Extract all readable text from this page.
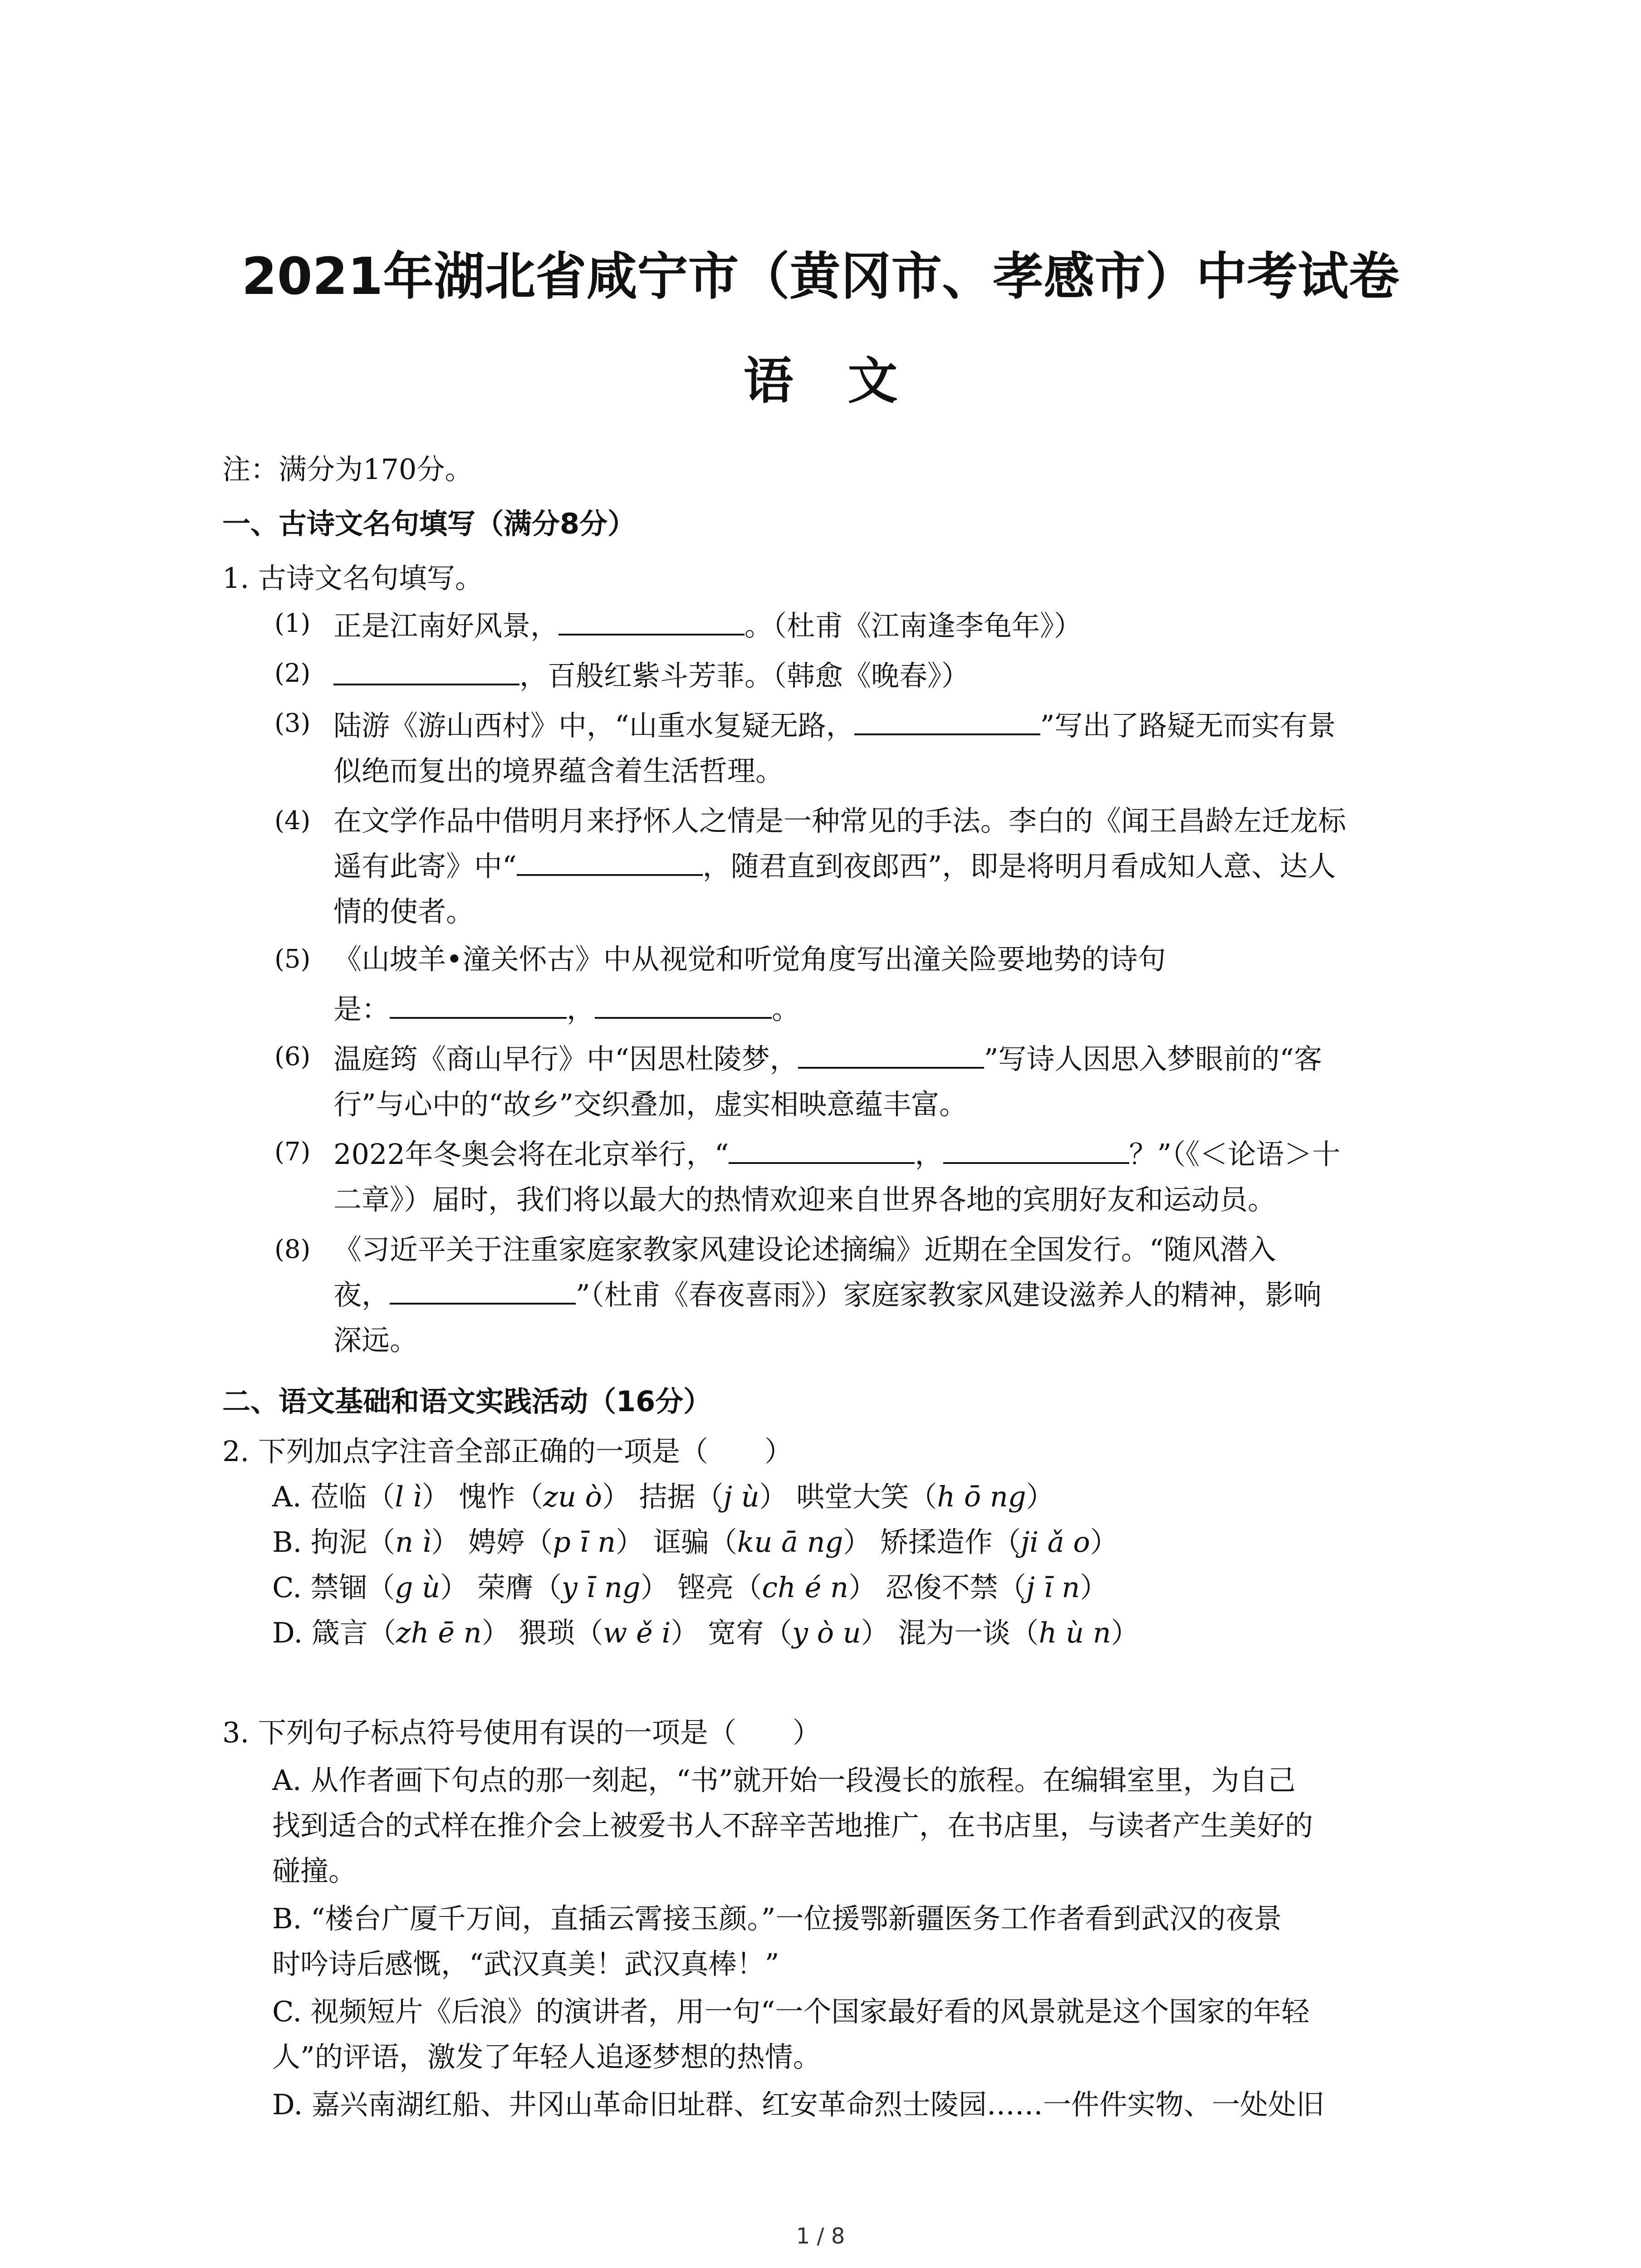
2021年湖北省咸宁市（黄冈市、孝感市）中考试卷
语文
注：满分为170分。
一、古诗文名句填写（满分8分）
1. 古诗文名句填写。
(1) 正是江南好风景，	。（杜甫《江南逢李龟年》）
(2)	，百般红紫斗芳菲。（韩愈《晚春》）
(3) 陆游《游山西村》中，“山重水复疑无路，	”写出了路疑无而实有景
似绝而复出的境界蕴含着生活哲理。
(4) 在文学作品中借明月来抒怀人之情是一种常见的手法。李白的《闻王昌龄左迁龙标
遥有此寄》中“	，随君直到夜郎西”，即是将明月看成知人意、达人
情的使者。
(5) 《山坡羊•潼关怀古》中从视觉和听觉角度写出潼关险要地势的诗句
是：	，	。
(6) 温庭筠《商山早行》中“因思杜陵梦，	”写诗人因思入梦眼前的“客
行”与心中的“故乡”交织叠加，虚实相映意蕴丰富。
(7) 2022年冬奥会将在北京举行，“	，	？”（《＜论语＞十
二章》）届时，我们将以最大的热情欢迎来自世界各地的宾朋好友和运动员。
(8) 《习近平关于注重家庭家教家风建设论述摘编》近期在全国发行。“随风潜入
夜，	”（杜甫《春夜喜雨》）家庭家教家风建设滋养人的精神，影响
深远。
二、语文基础和语文实践活动（16分）
2. 下列加点字注音全部正确的一项是（　　）
A. 莅临（l ì） 愧怍（zu ò） 拮据（j ù） 哄堂大笑（h ō ng）
B. 拘泥（n ì） 娉婷（p ī n） 诓骗（ku ā ng） 矫揉造作（ji ǎ o）
C. 禁锢（g ù） 荣膺（y ī ng） 铿亮（ch é n） 忍俊不禁（j ī n）
D. 箴言（zh ē n） 猥琐（w ě i） 宽宥（y ò u） 混为一谈（h ù n）
3. 下列句子标点符号使用有误的一项是（　　）
A. 从作者画下句点的那一刻起，“书”就开始一段漫长的旅程。在编辑室里，为自己
找到适合的式样在推介会上被爱书人不辞辛苦地推广，在书店里，与读者产生美好的
碰撞。
B. “楼台广厦千万间，直插云霄接玉颜。”一位援鄂新疆医务工作者看到武汉的夜景
时吟诗后感慨，“武汉真美！武汉真棒！”
C. 视频短片《后浪》的演讲者，用一句“一个国家最好看的风景就是这个国家的年轻
人”的评语，激发了年轻人追逐梦想的热情。
D. 嘉兴南湖红船、井冈山革命旧址群、红安革命烈士陵园……一件件实物、一处处旧
1 / 8
